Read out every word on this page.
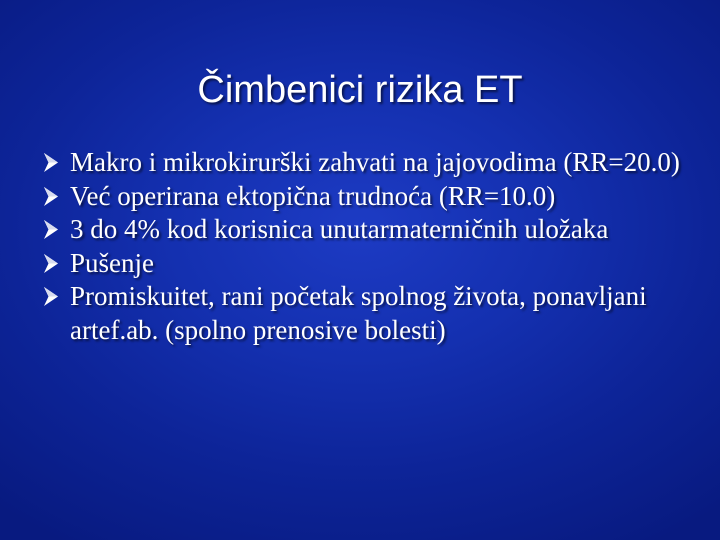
Čimbenici rizika ET
Makro i mikrokirurški zahvati na jajovodima (RR=20.0)
Već operirana ektopična trudnoća (RR=10.0)
3 do 4% kod korisnica unutarmaterničnih uložaka
Pušenje
Promiskuitet, rani početak spolnog života, ponavljani artef.ab. (spolno prenosive bolesti)
